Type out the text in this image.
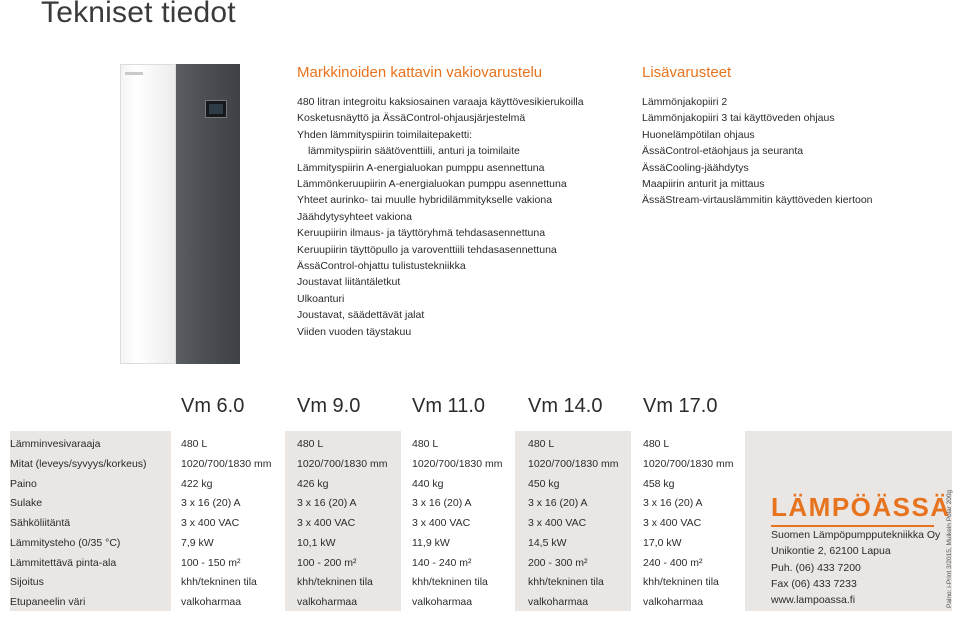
Tekniset tiedot
Markkinoiden kattavin vakiovarustelu
480 litran integroitu kaksiosainen varaaja käyttövesikierukoilla
Kosketusnäyttö ja ÄssäControl-ohjausjärjestelmä
Yhden lämmityspiirin toimilaitepaketti:
lämmityspiirin säätöventtiili, anturi ja toimilaite
Lämmityspiirin A-energialuokan pumppu asennettuna
Lämmönkeruupiirin A-energialuokan pumppu asennettuna
Yhteet aurinko- tai muulle hybridilämmitykselle vakiona
Jäähdytysyhteet vakiona
Keruupiirin ilmaus- ja täyttöryhmä tehdasasennettuna
Keruupiirin täyttöpullo ja varoventtiili tehdasasennettuna
ÄssäControl-ohjattu tulistustekniikka
Joustavat liitäntäletkut
Ulkoanturi
Joustavat, säädettävät jalat
Viiden vuoden täystakuu
Lisävarusteet
Lämmönjakopiiri 2
Lämmönjakopiiri 3 tai käyttöveden ohjaus
Huonelämpötilan ohjaus
ÄssäControl-etäohjaus ja seuranta
ÄssäCooling-jäähdytys
Maapiirin anturit ja mittaus
ÄssäStream-virtauslämmitin käyttöveden kiertoon
Vm 6.0	Vm 9.0	Vm 11.0 Vm 14.0 Vm 17.0
Lämminvesivaraaja	480 L	480 L	480 L	480 L	480 L
Mitat (leveys/syvyys/korkeus)	1020/700/1830 mm 1020/700/1830 mm 1020/700/1830 mm 1020/700/1830 mm 1020/700/1830 mm
Paino	422 kg	426 kg	440 kg	450 kg	458 kg
Sulake	3 x 16 (20) A	3 x 16 (20) A	3 x 16 (20) A	3 x 16 (20) A	3 x 16 (20) A
Sähköliitäntä	3 x 400 VAC	3 x 400 VAC	3 x 400 VAC	3 x 400 VAC	3 x 400 VAC
Lämmitysteho (0/35 °C)	7,9 kW	10,1 kW	11,9 kW	14,5 kW	17,0 kW
Lämmitettävä pinta-ala	100 - 150 m²	100 - 200 m²	140 - 240 m²	200 - 300 m²	240 - 400 m²
Sijoitus	khh/tekninen tila	khh/tekninen tila	khh/tekninen tila	khh/tekninen tila	khh/tekninen tila
Etupaneelin väri	valkoharmaa	valkoharmaa	valkoharmaa	valkoharmaa	valkoharmaa
LÄMPÖÄSSÄ
Suomen Lämpöpumpputekniikka Oy
Unikontie 2, 62100 Lapua
Puh. (06) 433 7200
Fax (06) 433 7233
www.lampoassa.fi	Paino: i-Print 3/2015, Muikein Polar 200g
